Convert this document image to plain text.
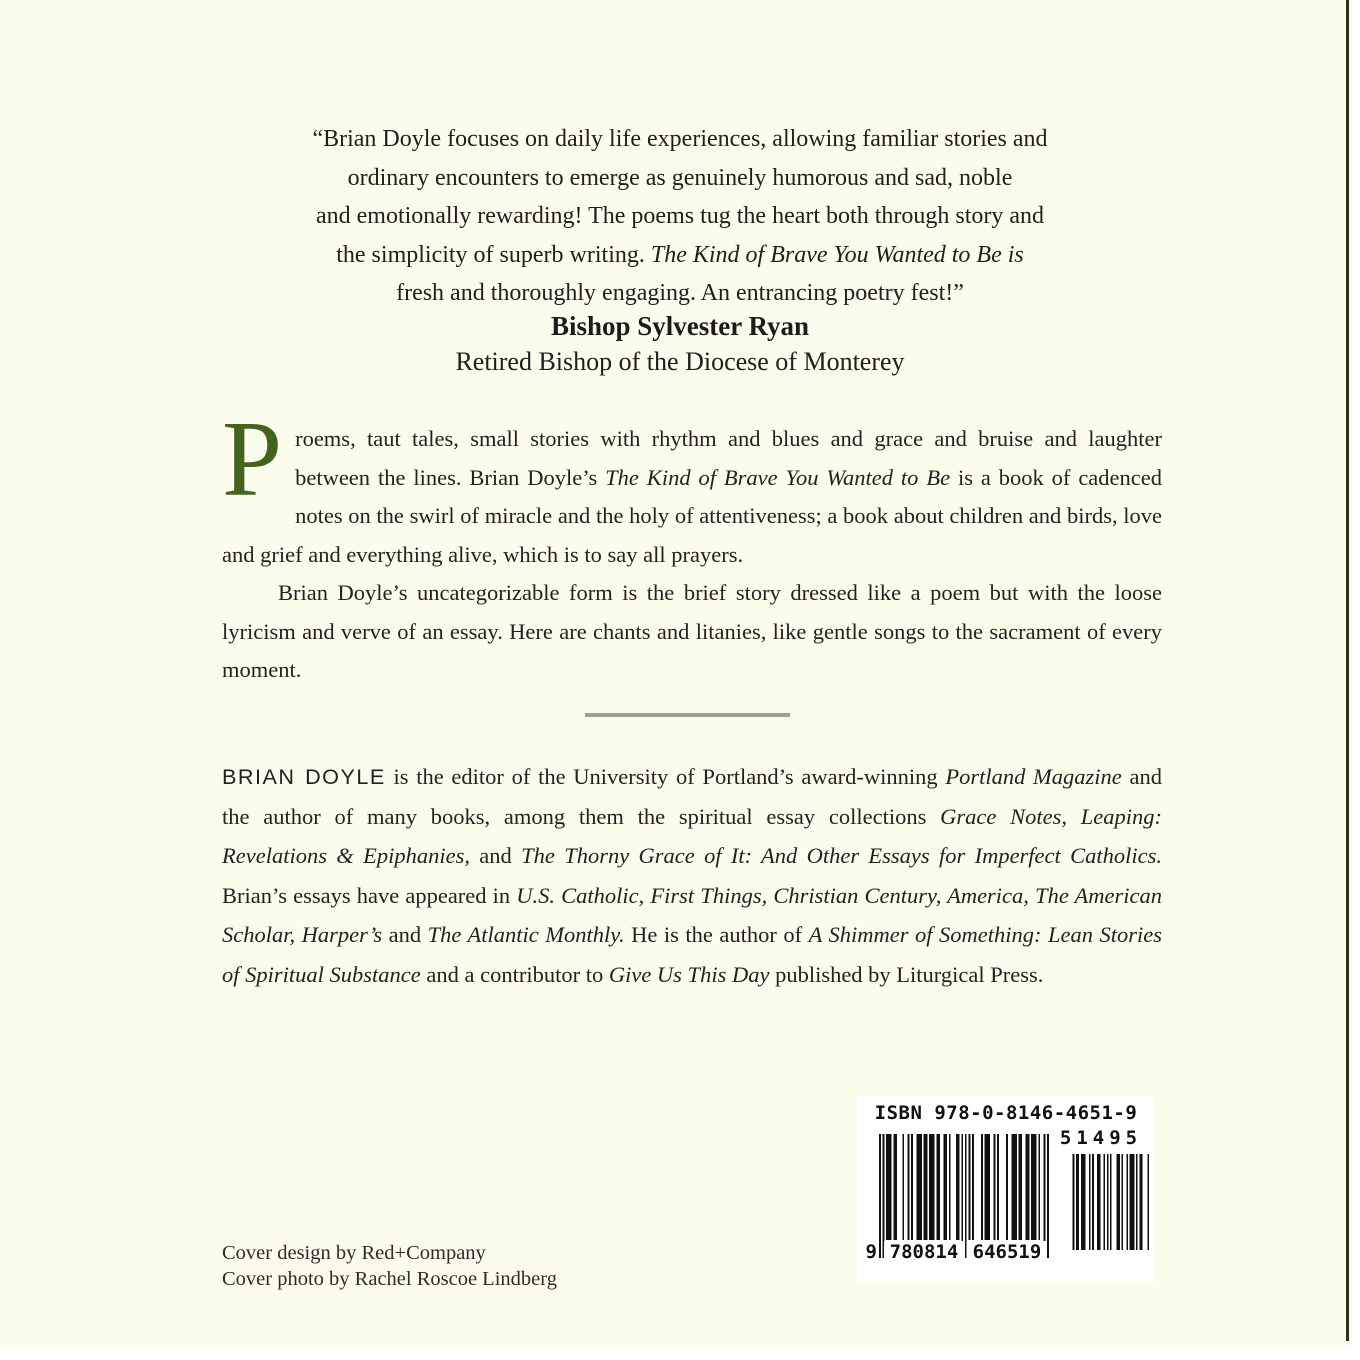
“Brian Doyle focuses on daily life experiences, allowing familiar stories and
ordinary encounters to emerge as genuinely humorous and sad, noble
and emotionally rewarding! The poems tug the heart both through story and
the simplicity of superb writing. The Kind of Brave You Wanted to Be is
fresh and thoroughly engaging. An entrancing poetry fest!”
Bishop Sylvester Ryan
Retired Bishop of the Diocese of Monterey

Proems, taut tales, small stories with rhythm and blues and grace and bruise and laughter between the lines. Brian Doyle’s The Kind of Brave You Wanted to Be is a book of cadenced notes on the swirl of miracle and the holy of attentiveness; a book about children and birds, love and grief and everything alive, which is to say all prayers.

Brian Doyle’s uncategorizable form is the brief story dressed like a poem but with the loose lyricism and verve of an essay. Here are chants and litanies, like gentle songs to the sacrament of every moment.

BRIAN DOYLE is the editor of the University of Portland’s award-winning Portland Magazine and the author of many books, among them the spiritual essay collections Grace Notes, Leaping: Revelations & Epiphanies, and The Thorny Grace of It: And Other Essays for Imperfect Catholics. Brian’s essays have appeared in U.S. Catholic, First Things, Christian Century, America, The American Scholar, Harper’s and The Atlantic Monthly. He is the author of A Shimmer of Something: Lean Stories of Spiritual Substance and a contributor to Give Us This Day published by Liturgical Press.
ISBN 978-0-8146-4651-9
51495
9 780814 646519
Cover design by Red+Company
Cover photo by Rachel Roscoe Lindberg
